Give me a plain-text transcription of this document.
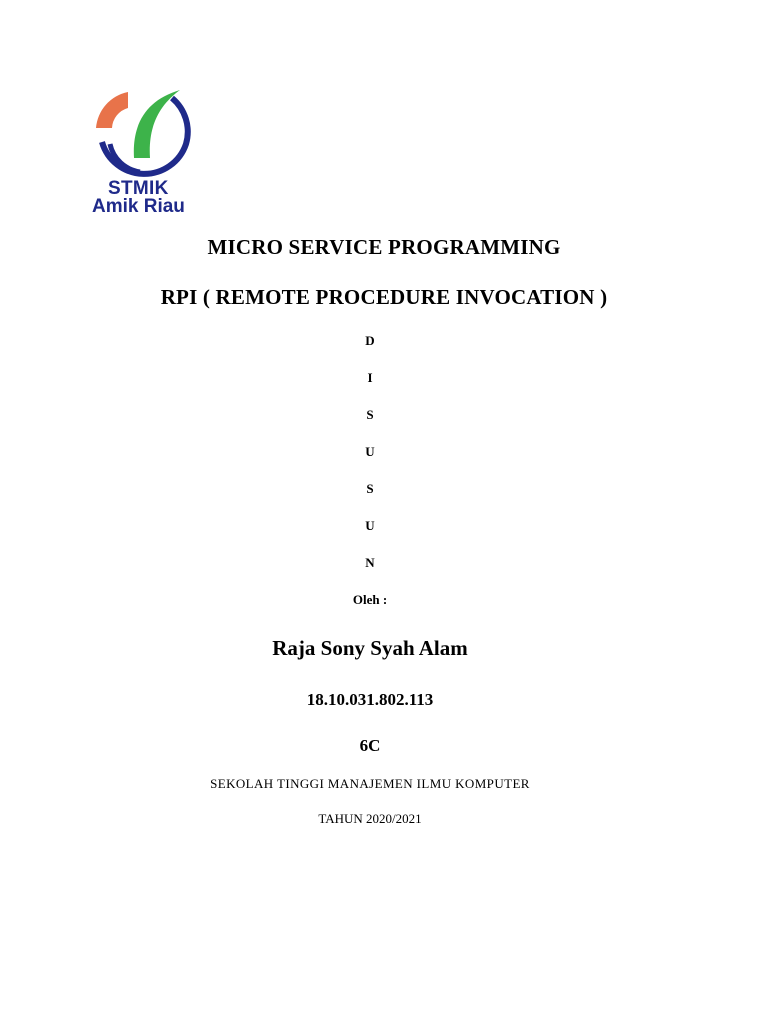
STMIK
Amik Riau
MICRO SERVICE PROGRAMMING
RPI ( REMOTE PROCEDURE INVOCATION )
D
I
S
U
S
U
N
Oleh :
Raja Sony Syah Alam
18.10.031.802.113
6C
SEKOLAH TINGGI MANAJEMEN ILMU KOMPUTER
TAHUN 2020/2021
